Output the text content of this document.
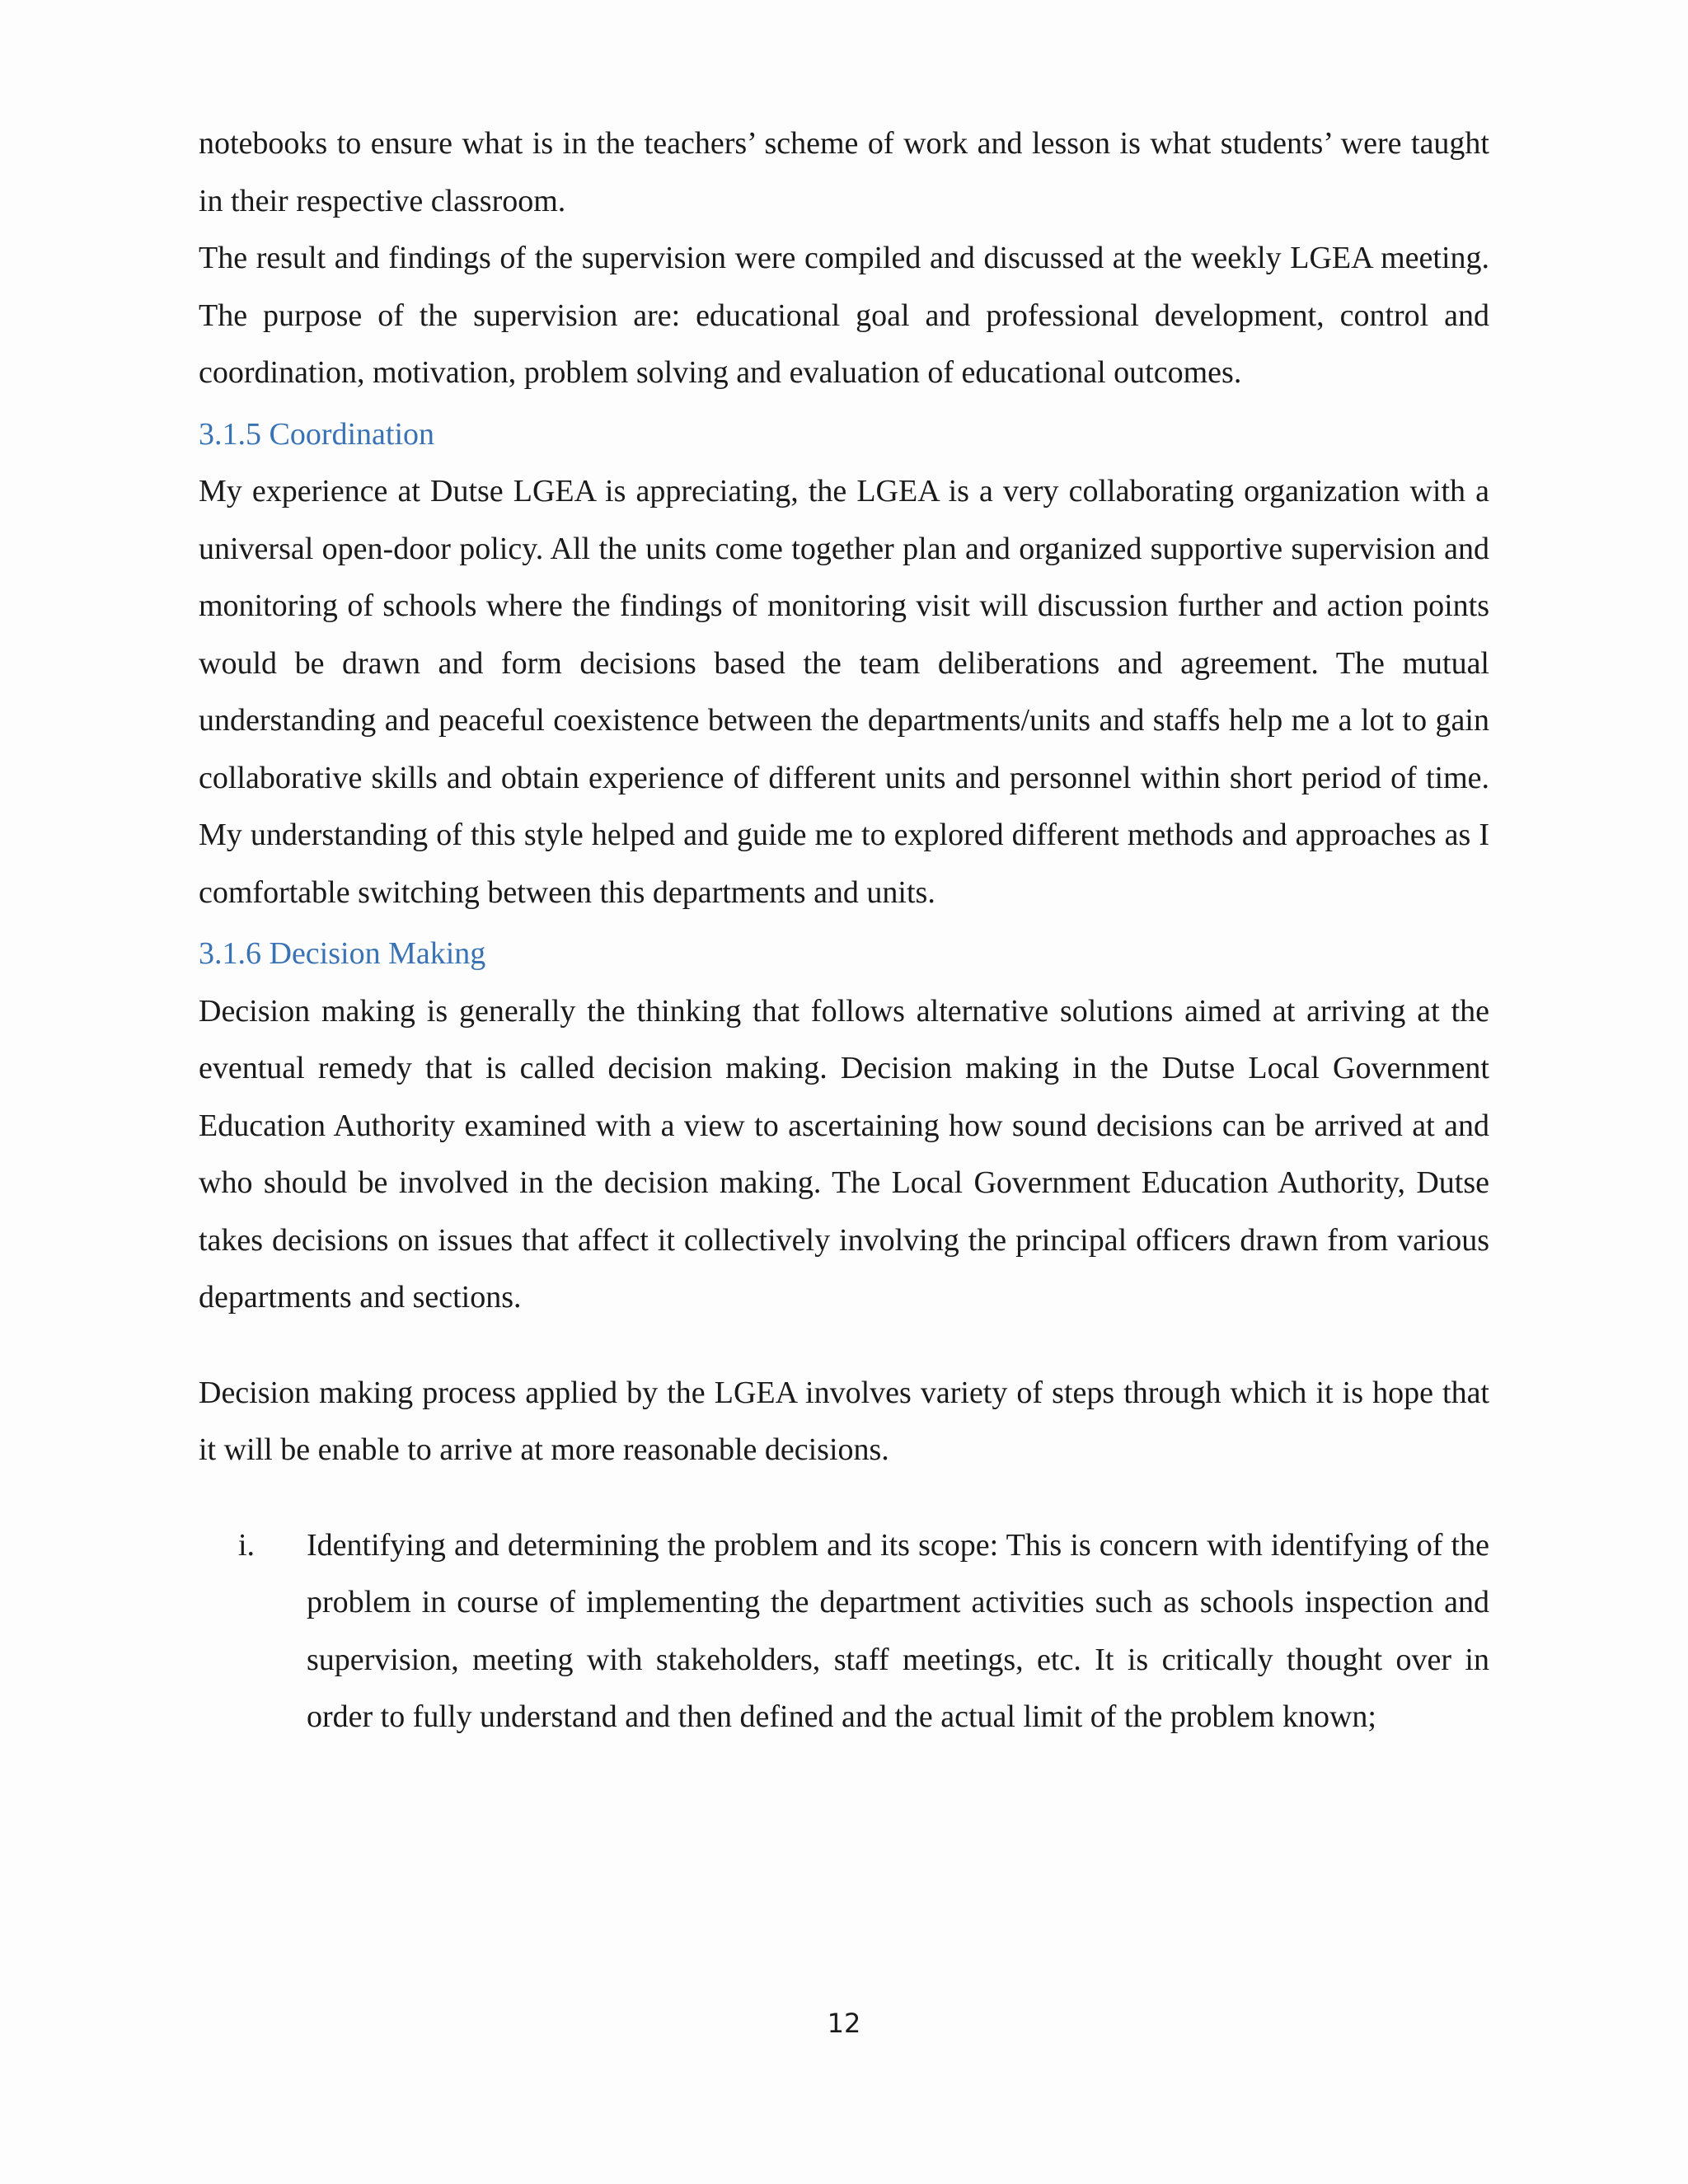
notebooks to ensure what is in the teachers’ scheme of work and lesson is what students’ were taught in their respective classroom.

The result and findings of the supervision were compiled and discussed at the weekly LGEA meeting. The purpose of the supervision are: educational goal and professional development, control and coordination, motivation, problem solving and evaluation of educational outcomes.

3.1.5 Coordination

My experience at Dutse LGEA is appreciating, the LGEA is a very collaborating organization with a universal open-door policy. All the units come together plan and organized supportive supervision and monitoring of schools where the findings of monitoring visit will discussion further and action points would be drawn and form decisions based the team deliberations and agreement. The mutual understanding and peaceful coexistence between the departments/units and staffs help me a lot to gain collaborative skills and obtain experience of different units and personnel within short period of time. My understanding of this style helped and guide me to explored different methods and approaches as I comfortable switching between this departments and units.

3.1.6 Decision Making

Decision making is generally the thinking that follows alternative solutions aimed at arriving at the eventual remedy that is called decision making. Decision making in the Dutse Local Government Education Authority examined with a view to ascertaining how sound decisions can be arrived at and who should be involved in the decision making. The Local Government Education Authority, Dutse takes decisions on issues that affect it collectively involving the principal officers drawn from various departments and sections.

Decision making process applied by the LGEA involves variety of steps through which it is hope that it will be enable to arrive at more reasonable decisions.

i. Identifying and determining the problem and its scope: This is concern with identifying of the problem in course of implementing the department activities such as schools inspection and supervision, meeting with stakeholders, staff meetings, etc. It is critically thought over in order to fully understand and then defined and the actual limit of the problem known;
12
